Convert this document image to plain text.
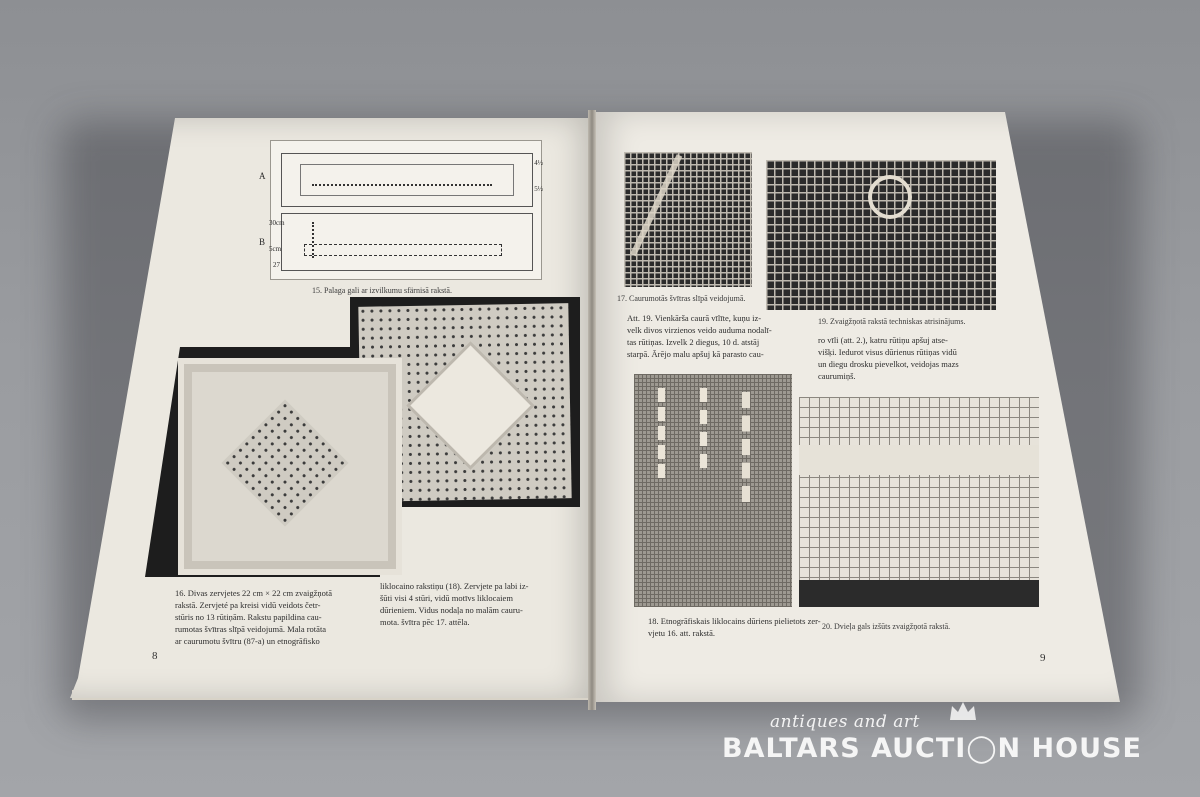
A
B
4½
5½
30cm
5cm
27
15. Palaga gali ar izvilkumu sfärnisā rakstā.
16. Divas zervjetes 22 cm × 22 cm zvaigžņotā
rakstā. Zervjeté pa kreisi vidū veidots četr-
stūris no 13 rūtiņām. Rakstu papildina cau-
rumotas švītras slīpā veidojumā. Mala rotāta
ar caurumotu švītru (87-a) un etnogrāfisko
liklocaino rakstiņu (18). Zervjete pa labi iz-
šūti visi 4 stūri, vidū motīvs liklocaiem
dūrieniem. Vidus nodaļa no malām cauru-
mota. švītra pēc 17. attēla.
8
17. Caurumotās švītras slīpā veidojumā.
19. Zvaigžņotā rakstā techniskas atrisinājums.
Att. 19. Vienkārša caurā vīlīte, kuņu iz-
velk divos virzienos veido auduma nodalī-
tas rūtiņas. Izvelk 2 diegus, 10 d. atstāj
starpā. Ārējo malu apšuj kā parasto cau-
ro vīli (att. 2.), katru rūtiņu apšuj atse-
višķi. Iedurot visus dūrienus rūtiņas vidū
un diegu drosku pievelkot, veidojas mazs
caurumiņš.
18. Etnogrāfiskais liklocains dūriens pielietots zer-
vjetu 16. att. rakstā.
20. Dvieļa gals izšūts zvaigžņotā rakstā.
9
antiques and art
BALTARS AUCTI◯N HOUSE
